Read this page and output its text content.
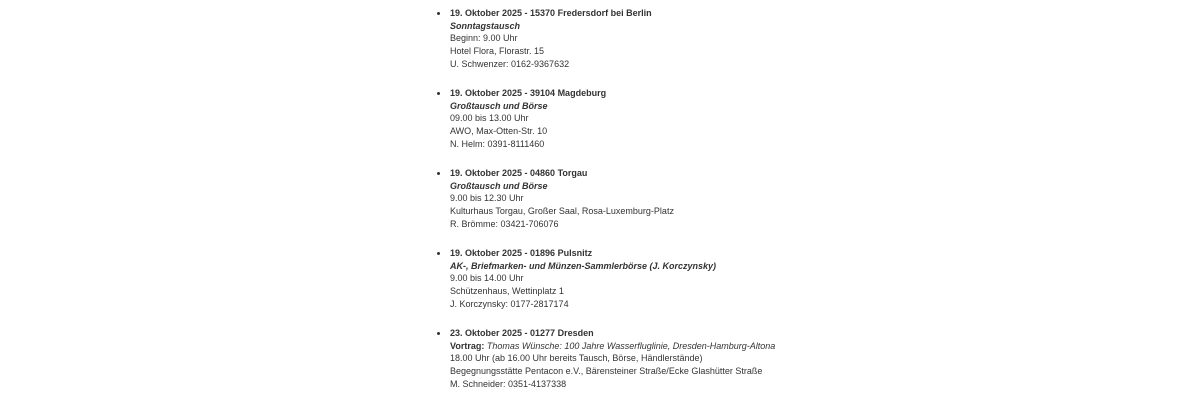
19. Oktober 2025 - 15370 Fredersdorf bei Berlin
Sonntagstausch
Beginn: 9.00 Uhr
Hotel Flora, Florastr. 15
U. Schwenzer: 0162-9367632
19. Oktober 2025 - 39104 Magdeburg
Großtausch und Börse
09.00 bis 13.00 Uhr
AWO, Max-Otten-Str. 10
N. Helm: 0391-8111460
19. Oktober 2025 - 04860 Torgau
Großtausch und Börse
9.00 bis 12.30 Uhr
Kulturhaus Torgau, Großer Saal, Rosa-Luxemburg-Platz
R. Brömme: 03421-706076
19. Oktober 2025 - 01896 Pulsnitz
AK-, Briefmarken- und Münzen-Sammlerbörse (J. Korczynsky)
9.00 bis 14.00 Uhr
Schützenhaus, Wettinplatz 1
J. Korczynsky: 0177-2817174
23. Oktober 2025 - 01277 Dresden
Vortrag: Thomas Wünsche: 100 Jahre Wasserfluglinie, Dresden-Hamburg-Altona
18.00 Uhr (ab 16.00 Uhr bereits Tausch, Börse, Händlerstände)
Begegnungsstätte Pentacon e.V., Bärensteiner Straße/Ecke Glashütter Straße
M. Schneider: 0351-4137338
